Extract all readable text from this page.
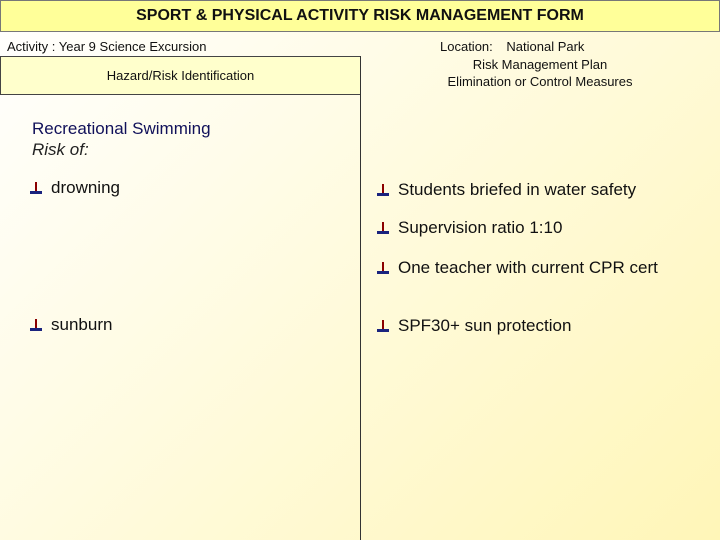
SPORT & PHYSICAL ACTIVITY RISK MANAGEMENT FORM
Activity : Year 9 Science Excursion	Location: National Park
Hazard/Risk Identification
Risk Management Plan
Elimination or Control Measures
Recreational Swimming
Risk of:
drowning
sunburn
Students briefed in water safety
Supervision ratio 1:10
One teacher with current CPR cert
SPF30+ sun protection
